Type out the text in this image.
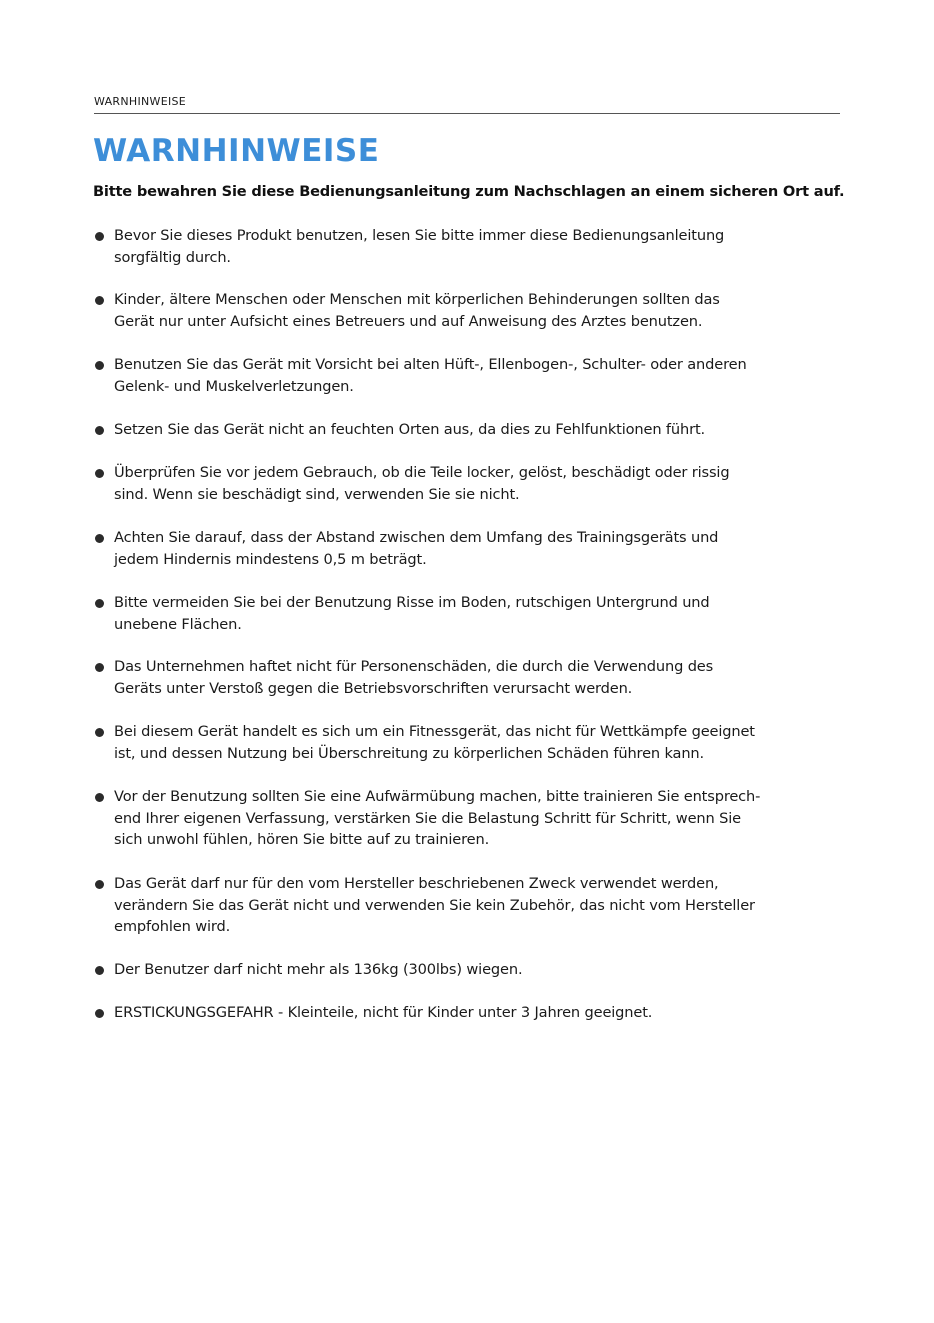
WARNHINWEISE
WARNHINWEISE

Bitte bewahren Sie diese Bedienungsanleitung zum Nachschlagen an einem sicheren Ort auf.

Bevor Sie dieses Produkt benutzen, lesen Sie bitte immer diese Bedienungsanleitung
sorgfältig durch.
Kinder, ältere Menschen oder Menschen mit körperlichen Behinderungen sollten das
Gerät nur unter Aufsicht eines Betreuers und auf Anweisung des Arztes benutzen.
Benutzen Sie das Gerät mit Vorsicht bei alten Hüft-, Ellenbogen-, Schulter- oder anderen
Gelenk- und Muskelverletzungen.
Setzen Sie das Gerät nicht an feuchten Orten aus, da dies zu Fehlfunktionen führt.
Überprüfen Sie vor jedem Gebrauch, ob die Teile locker, gelöst, beschädigt oder rissig
sind. Wenn sie beschädigt sind, verwenden Sie sie nicht.
Achten Sie darauf, dass der Abstand zwischen dem Umfang des Trainingsgeräts und
jedem Hindernis mindestens 0,5 m beträgt.
Bitte vermeiden Sie bei der Benutzung Risse im Boden, rutschigen Untergrund und
unebene Flächen.
Das Unternehmen haftet nicht für Personenschäden, die durch die Verwendung des
Geräts unter Verstoß gegen die Betriebsvorschriften verursacht werden.
Bei diesem Gerät handelt es sich um ein Fitnessgerät, das nicht für Wettkämpfe geeignet
ist, und dessen Nutzung bei Überschreitung zu körperlichen Schäden führen kann.
Vor der Benutzung sollten Sie eine Aufwärmübung machen, bitte trainieren Sie entsprech-
end Ihrer eigenen Verfassung, verstärken Sie die Belastung Schritt für Schritt, wenn Sie
sich unwohl fühlen, hören Sie bitte auf zu trainieren.
Das Gerät darf nur für den vom Hersteller beschriebenen Zweck verwendet werden,
verändern Sie das Gerät nicht und verwenden Sie kein Zubehör, das nicht vom Hersteller
empfohlen wird.
Der Benutzer darf nicht mehr als 136kg (300lbs) wiegen.
ERSTICKUNGSGEFAHR - Kleinteile, nicht für Kinder unter 3 Jahren geeignet.
